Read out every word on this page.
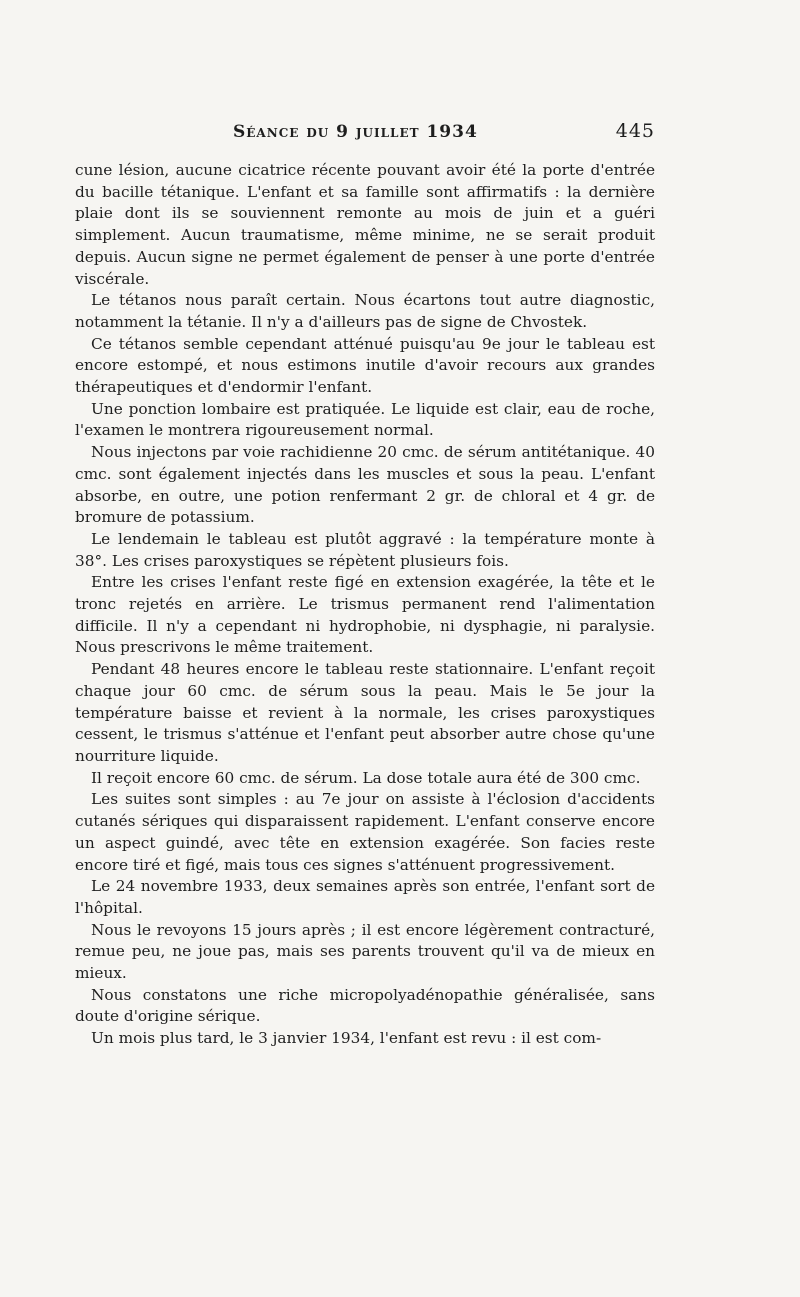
Séance du 9 juillet 1934	445

cune lésion, aucune cicatrice récente pouvant avoir été la porte d'entrée du bacille tétanique. L'enfant et sa famille sont affirmatifs : la dernière plaie dont ils se souviennent remonte au mois de juin et a guéri simplement. Aucun traumatisme, même minime, ne se serait produit depuis. Aucun signe ne permet également de penser à une porte d'entrée viscérale.

Le tétanos nous paraît certain. Nous écartons tout autre diagnostic, notamment la tétanie. Il n'y a d'ailleurs pas de signe de Chvostek.

Ce tétanos semble cependant atténué puisqu'au 9e jour le tableau est encore estompé, et nous estimons inutile d'avoir recours aux grandes thérapeutiques et d'endormir l'enfant.

Une ponction lombaire est pratiquée. Le liquide est clair, eau de roche, l'examen le montrera rigoureusement normal.

Nous injectons par voie rachidienne 20 cmc. de sérum antitétanique. 40 cmc. sont également injectés dans les muscles et sous la peau. L'enfant absorbe, en outre, une potion renfermant 2 gr. de chloral et 4 gr. de bromure de potassium.

Le lendemain le tableau est plutôt aggravé : la température monte à 38°. Les crises paroxystiques se répètent plusieurs fois.

Entre les crises l'enfant reste figé en extension exagérée, la tête et le tronc rejetés en arrière. Le trismus permanent rend l'alimentation difficile. Il n'y a cependant ni hydrophobie, ni dysphagie, ni paralysie. Nous prescrivons le même traitement.

Pendant 48 heures encore le tableau reste stationnaire. L'enfant reçoit chaque jour 60 cmc. de sérum sous la peau. Mais le 5e jour la température baisse et revient à la normale, les crises paroxystiques cessent, le trismus s'atténue et l'enfant peut absorber autre chose qu'une nourriture liquide.

Il reçoit encore 60 cmc. de sérum. La dose totale aura été de 300 cmc.

Les suites sont simples : au 7e jour on assiste à l'éclosion d'accidents cutanés sériques qui disparaissent rapidement. L'enfant conserve encore un aspect guindé, avec tête en extension exagérée. Son facies reste encore tiré et figé, mais tous ces signes s'atténuent progressivement.

Le 24 novembre 1933, deux semaines après son entrée, l'enfant sort de l'hôpital.

Nous le revoyons 15 jours après ; il est encore légèrement contracturé, remue peu, ne joue pas, mais ses parents trouvent qu'il va de mieux en mieux.

Nous constatons une riche micropolyadénopathie généralisée, sans doute d'origine sérique.

Un mois plus tard, le 3 janvier 1934, l'enfant est revu : il est com-
